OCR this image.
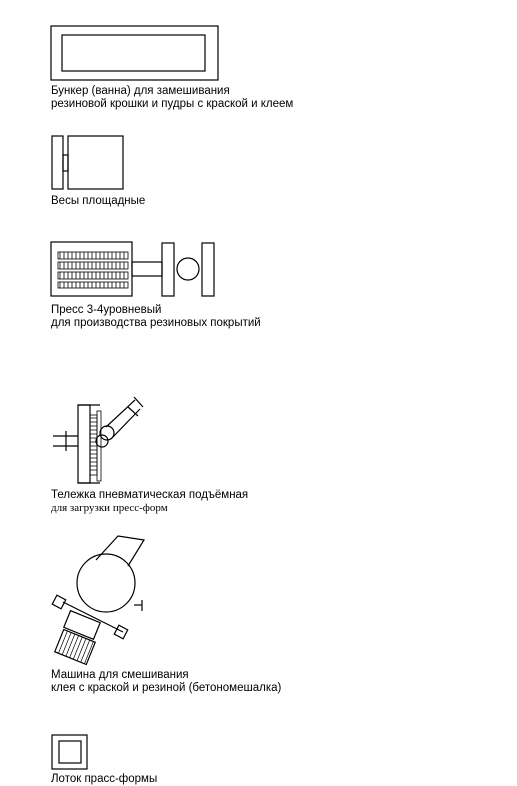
Бункер (ванна) для замешивания
резиновой крошки и пудры с краской и клеем
Весы площадные
Пресс 3-4уровневый
для производства резиновых покрытий
Тележка пневматическая подъёмная
для загрузки пресс-форм
Машина для смешивания
клея с краской и резиной (бетономешалка)
Лоток прасс-формы
